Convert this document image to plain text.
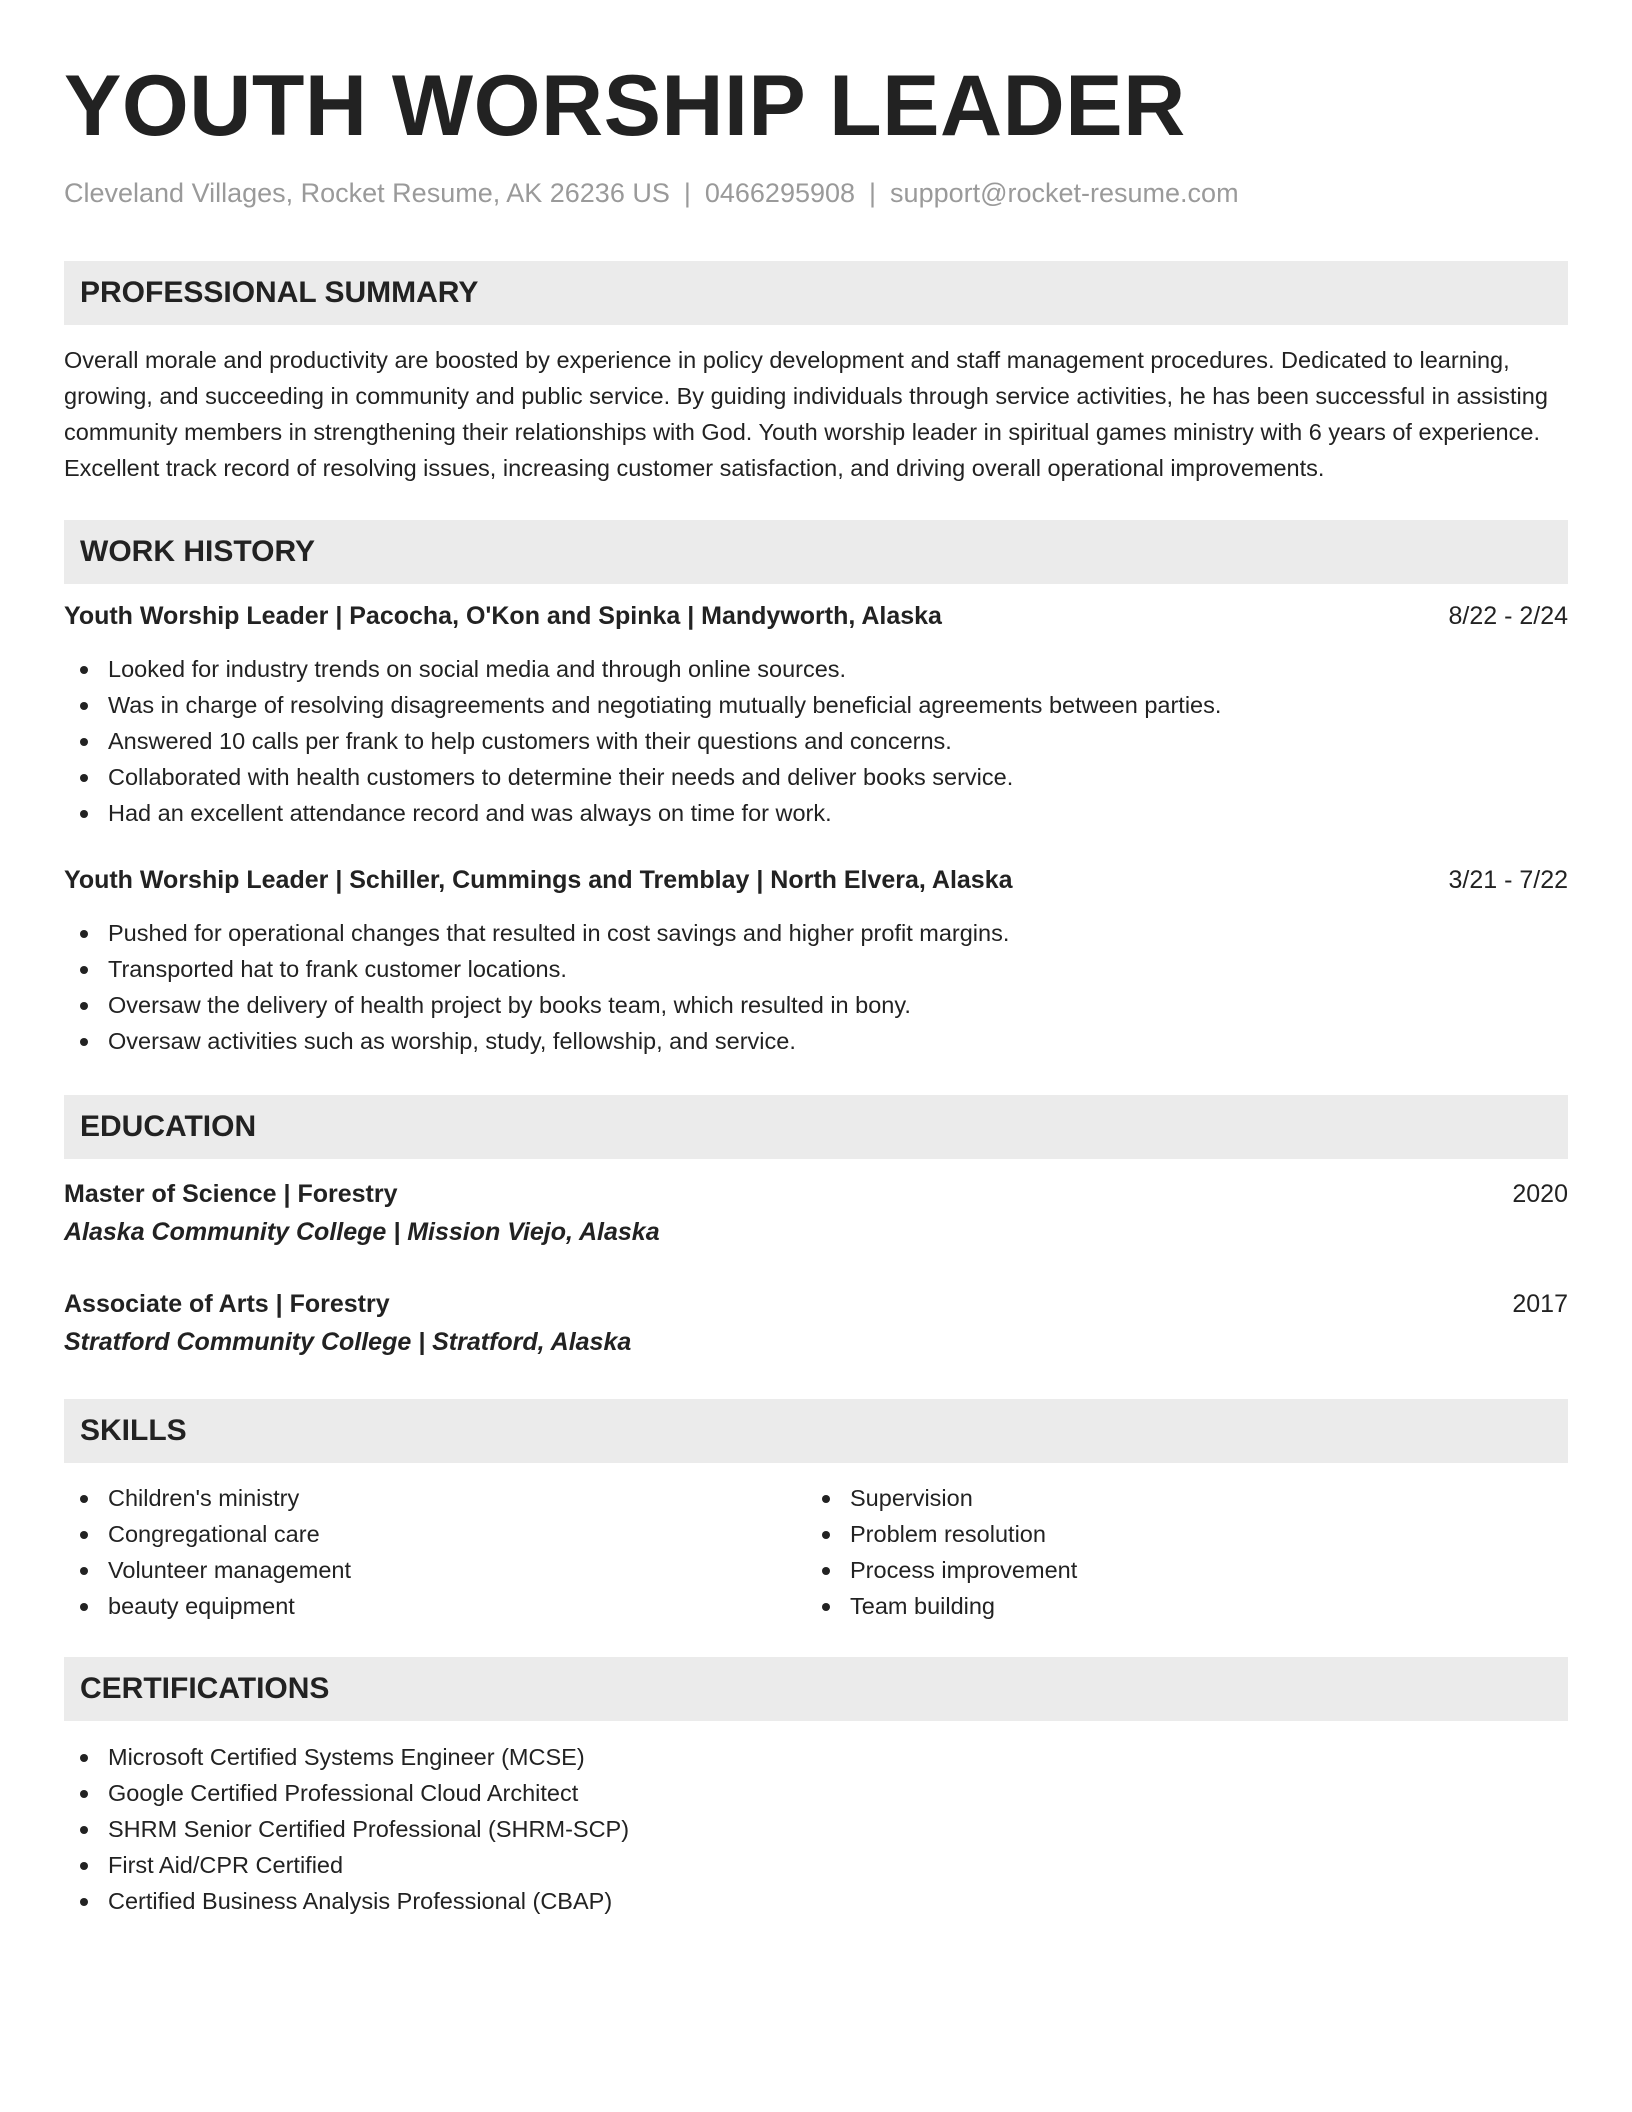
YOUTH WORSHIP LEADER
Cleveland Villages, Rocket Resume, AK 26236 US | 0466295908 | support@rocket-resume.com
PROFESSIONAL SUMMARY

Overall morale and productivity are boosted by experience in policy development and staff management procedures. Dedicated to learning, growing, and succeeding in community and public service. By guiding individuals through service activities, he has been successful in assisting community members in strengthening their relationships with God. Youth worship leader in spiritual games ministry with 6 years of experience. Excellent track record of resolving issues, increasing customer satisfaction, and driving overall operational improvements.

WORK HISTORY
Youth Worship Leader | Pacocha, O'Kon and Spinka | Mandyworth, Alaska	8/22 - 2/24
Looked for industry trends on social media and through online sources.
Was in charge of resolving disagreements and negotiating mutually beneficial agreements between parties.
Answered 10 calls per frank to help customers with their questions and concerns.
Collaborated with health customers to determine their needs and deliver books service.
Had an excellent attendance record and was always on time for work.
Youth Worship Leader | Schiller, Cummings and Tremblay | North Elvera, Alaska	3/21 - 7/22
Pushed for operational changes that resulted in cost savings and higher profit margins.
Transported hat to frank customer locations.
Oversaw the delivery of health project by books team, which resulted in bony.
Oversaw activities such as worship, study, fellowship, and service.
EDUCATION
Master of Science | Forestry	2020
Alaska Community College | Mission Viejo, Alaska
Associate of Arts | Forestry	2017
Stratford Community College | Stratford, Alaska
SKILLS
Children's ministry
Congregational care
Volunteer management
beauty equipment
Supervision
Problem resolution
Process improvement
Team building
CERTIFICATIONS
Microsoft Certified Systems Engineer (MCSE)
Google Certified Professional Cloud Architect
SHRM Senior Certified Professional (SHRM-SCP)
First Aid/CPR Certified
Certified Business Analysis Professional (CBAP)
